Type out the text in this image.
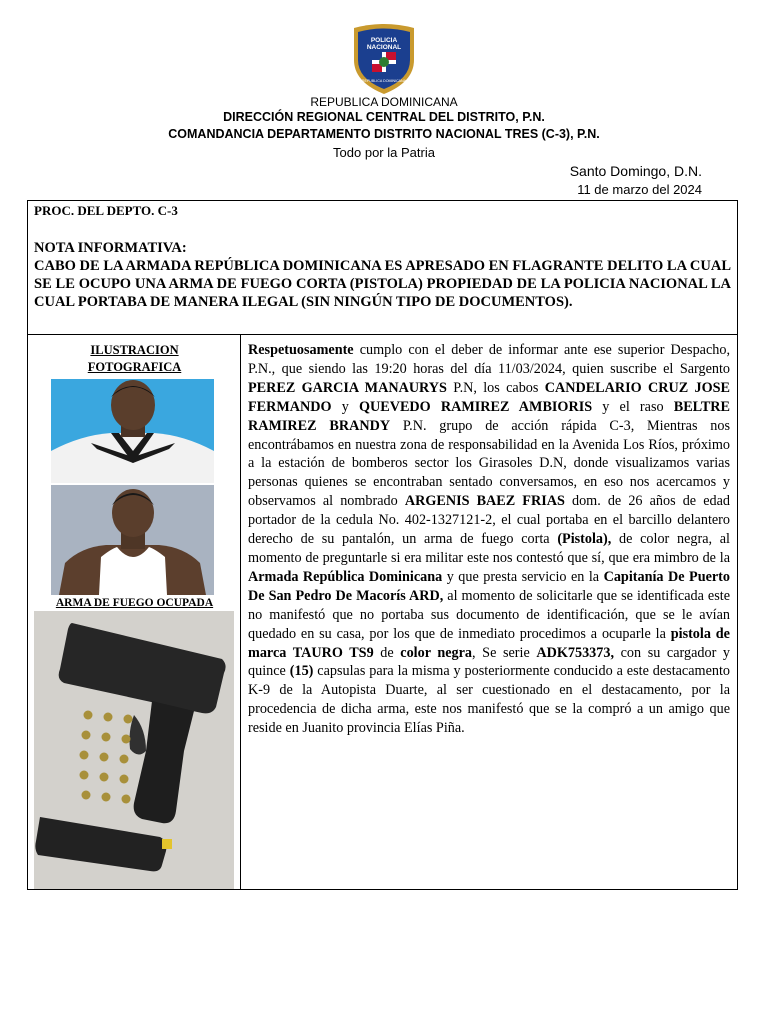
POLICIA
NACIONAL
REPUBLICA DOMINICANA
REPUBLICA DOMINICANA
DIRECCIÓN REGIONAL CENTRAL DEL DISTRITO, P.N.
COMANDANCIA DEPARTAMENTO DISTRITO NACIONAL TRES (C-3), P.N.
Todo por la Patria
Santo Domingo, D.N.
11 de marzo del 2024

PROC. DEL DEPTO. C-3

NOTA INFORMATIVA:

CABO DE LA ARMADA REPÚBLICA DOMINICANA ES APRESADO EN FLAGRANTE DELITO LA CUAL SE LE OCUPO UNA ARMA DE FUEGO CORTA (PISTOLA) PROPIEDAD DE LA POLICIA NACIONAL LA CUAL PORTABA DE MANERA ILEGAL (SIN NINGÚN TIPO DE DOCUMENTOS).

ILUSTRACION
FOTOGRAFICA
ARMA DE FUEGO OCUPADA

Respetuosamente cumplo con el deber de informar ante ese superior Despacho, P.N., que siendo las 19:20 horas del día 11/03/2024, quien suscribe el Sargento PEREZ GARCIA MANAURYS P.N, los cabos CANDELARIO CRUZ JOSE FERMANDO y QUEVEDO RAMIREZ AMBIORIS y el raso BELTRE RAMIREZ BRANDY P.N. grupo de acción rápida C-3, Mientras nos encontrábamos en nuestra zona de responsabilidad en la Avenida Los Ríos, próximo a la estación de bomberos sector los Girasoles D.N, donde visualizamos varias personas quienes se encontraban sentado conversamos, en eso nos acercamos y observamos al nombrado ARGENIS BAEZ FRIAS dom. de 26 años de edad portador de la cedula No. 402-1327121-2, el cual portaba en el barcillo delantero derecho de su pantalón, un arma de fuego corta (Pistola), de color negra, al momento de preguntarle si era militar este nos contestó que sí, que era mimbro de la Armada República Dominicana y que presta servicio en la Capitanía De Puerto De San Pedro De Macorís ARD, al momento de solicitarle que se identificada este no manifestó que no portaba sus documento de identificación, que se le avían quedado en su casa, por los que de inmediato procedimos a ocuparle la pistola de marca TAURO TS9 de color negra, Se serie ADK753373, con su cargador y quince (15) capsulas para la misma y posteriormente conducido a este destacamento K-9 de la Autopista Duarte, al ser cuestionado en el destacamento, por la procedencia de dicha arma, este nos manifestó que se la compró a un amigo que reside en Juanito provincia Elías Piña.
